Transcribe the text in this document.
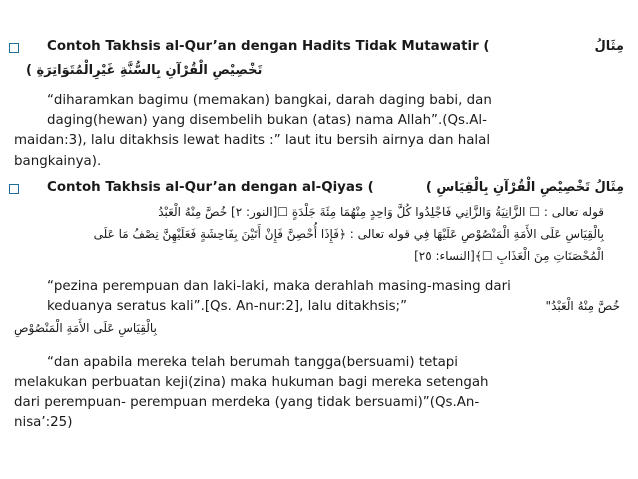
Contoh Takhsis al-Qur’an dengan Hadits Tidak Mutawatir (	مِثَالُ
تَخْصِيْصِ الْقُرْآنِ بِالسُّنَّةِ غَيْرِالْمُتَوَاتِرَةِ )
“diharamkan bagimu (memakan) bangkai, darah daging babi, dan
daging(hewan) yang disembelih bukan (atas) nama Allah”.(Qs.Al-
maidan:3), lalu ditakhsis lewat hadits :” laut itu bersih airnya dan halal
bangkainya).
Contoh Takhsis al-Qur’an dengan al-Qiyas (	مِثَالُ تَخْصِيْصِ الْقُرْآنِ بِالْقِيَاسِ )
قوله تعالى : ☐ الزَّانِيَةُ وَالزَّانِي فَاجْلِدُوا كُلَّ وَاحِدٍ مِنْهُمَا مِئَةَ جَلْدَةٍ ☐[النور: ٢] خُصَّ مِنْهُ الْعَبْدُ
بِالْقِيَاسِ عَلَى الأَمَةِ الْمَنْصُوْصِ عَلَيْهَا فِي قوله تعالى : ﴿فَإِذَا أُحْصِنَّ فَإِنْ أَتَيْنَ بِفَاحِشَةٍ فَعَلَيْهِنَّ نِصْفُ مَا عَلَى
الْمُحْصَنَاتِ مِنَ الْعَذَابِ ☐﴾[النساء: ٢٥]
“pezina perempuan dan laki-laki, maka derahlah masing-masing dari
keduanya seratus kali”.[Qs. An-nur:2], lalu ditakhsis;”	خُصَّ مِنْهُ الْعَبْدُ"
بِالْقِيَاسِ عَلَى الأَمَةِ الْمَنْصُوْصِ
“dan apabila mereka telah berumah tangga(bersuami) tetapi
melakukan perbuatan keji(zina) maka hukuman bagi mereka setengah
dari perempuan- perempuan merdeka (yang tidak bersuami)”(Qs.An-
nisa’:25)
